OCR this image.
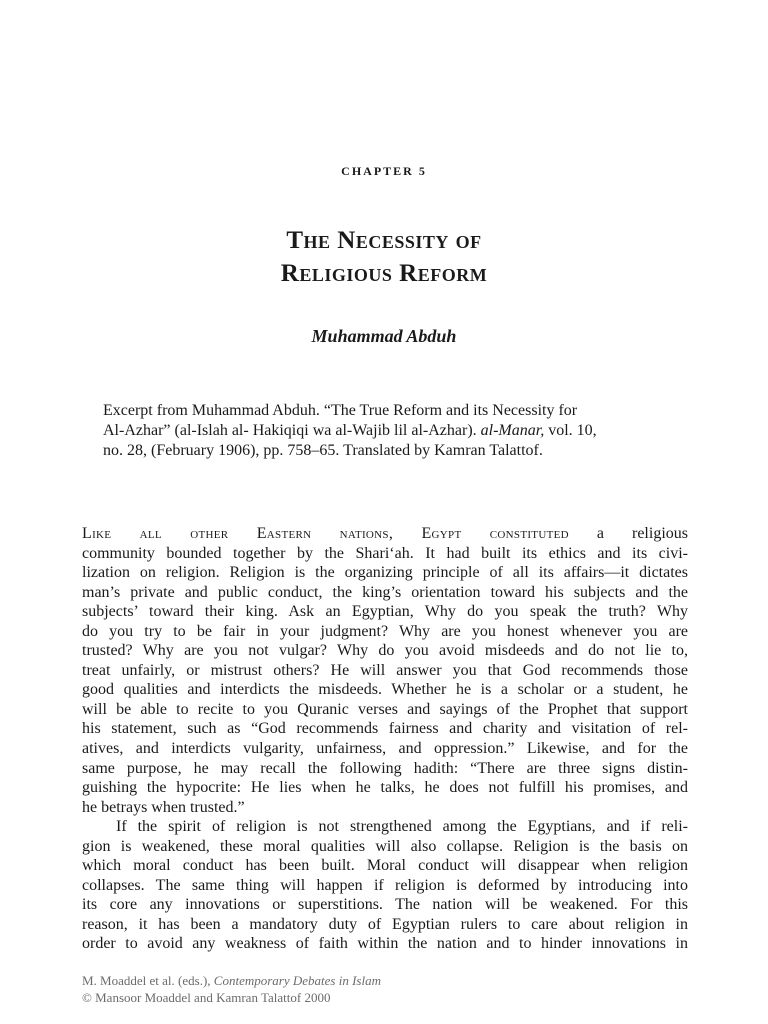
CHAPTER 5
The Necessity of
Religious Reform
Muhammad Abduh

Excerpt from Muhammad Abduh. “The True Reform and its Necessity for
Al-Azhar” (al-Islah al- Hakiqiqi wa al-Wajib lil al-Azhar). al-Manar, vol. 10,
no. 28, (February 1906), pp. 758–65. Translated by Kamran Talattof.

Like all other Eastern nations, Egypt constituted a religious
community bounded together by the Shari‘ah. It had built its ethics and its civi-
lization on religion. Religion is the organizing principle of all its affairs—it dictates
man’s private and public conduct, the king’s orientation toward his subjects and the
subjects’ toward their king. Ask an Egyptian, Why do you speak the truth? Why
do you try to be fair in your judgment? Why are you honest whenever you are
trusted? Why are you not vulgar? Why do you avoid misdeeds and do not lie to,
treat unfairly, or mistrust others? He will answer you that God recommends those
good qualities and interdicts the misdeeds. Whether he is a scholar or a student, he
will be able to recite to you Quranic verses and sayings of the Prophet that support
his statement, such as “God recommends fairness and charity and visitation of rel-
atives, and interdicts vulgarity, unfairness, and oppression.” Likewise, and for the
same purpose, he may recall the following hadith: “There are three signs distin-
guishing the hypocrite: He lies when he talks, he does not fulfill his promises, and
he betrays when trusted.”
If the spirit of religion is not strengthened among the Egyptians, and if reli-
gion is weakened, these moral qualities will also collapse. Religion is the basis on
which moral conduct has been built. Moral conduct will disappear when religion
collapses. The same thing will happen if religion is deformed by introducing into
its core any innovations or superstitions. The nation will be weakened. For this
reason, it has been a mandatory duty of Egyptian rulers to care about religion in
order to avoid any weakness of faith within the nation and to hinder innovations in
M. Moaddel et al. (eds.), Contemporary Debates in Islam
© Mansoor Moaddel and Kamran Talattof 2000
